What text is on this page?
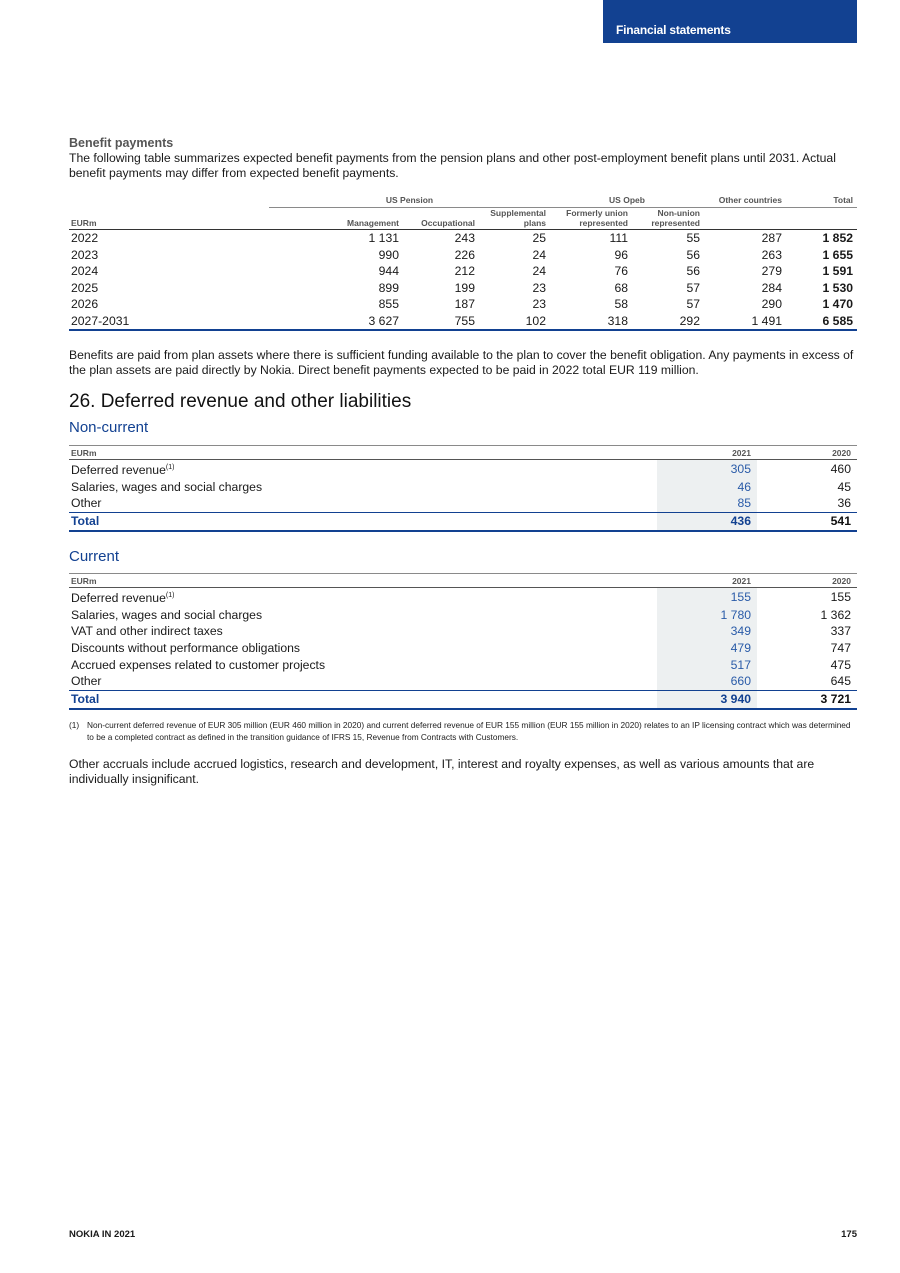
Financial statements

Benefit payments

The following table summarizes expected benefit payments from the pension plans and other post-employment benefit plans until 2031. Actual benefit payments may differ from expected benefit payments.

	US Pension			US Opeb		Other countries	Total
EURm	Management	Occupational	Supplemental plans	Formerly union represented	Non-union represented		
2022	1 131	243	25	111	55	287	1 852
2023	990	226	24	96	56	263	1 655
2024	944	212	24	76	56	279	1 591
2025	899	199	23	68	57	284	1 530
2026	855	187	23	58	57	290	1 470
2027-2031	3 627	755	102	318	292	1 491	6 585

Benefits are paid from plan assets where there is sufficient funding available to the plan to cover the benefit obligation. Any payments in excess of the plan assets are paid directly by Nokia. Direct benefit payments expected to be paid in 2022 total EUR 119 million.

26. Deferred revenue and other liabilities
Non-current
EURm	2021	2020
Deferred revenue$^{(1)}$	305	460
Salaries, wages and social charges	46	45
Other	85	36
Total	436	541
Current
EURm	2021	2020
Deferred revenue$^{(1)}$	155	155
Salaries, wages and social charges	1 780	1 362
VAT and other indirect taxes	349	337
Discounts without performance obligations	479	747
Accrued expenses related to customer projects	517	475
Other	660	645
Total	3 940	3 721
(1) Non-current deferred revenue of EUR 305 million (EUR 460 million in 2020) and current deferred revenue of EUR 155 million (EUR 155 million in 2020) relates to an IP licensing contract which was determined to be a completed contract as defined in the transition guidance of IFRS 15, Revenue from Contracts with Customers.

Other accruals include accrued logistics, research and development, IT, interest and royalty expenses, as well as various amounts that are individually insignificant.

NOKIA IN 2021	175
